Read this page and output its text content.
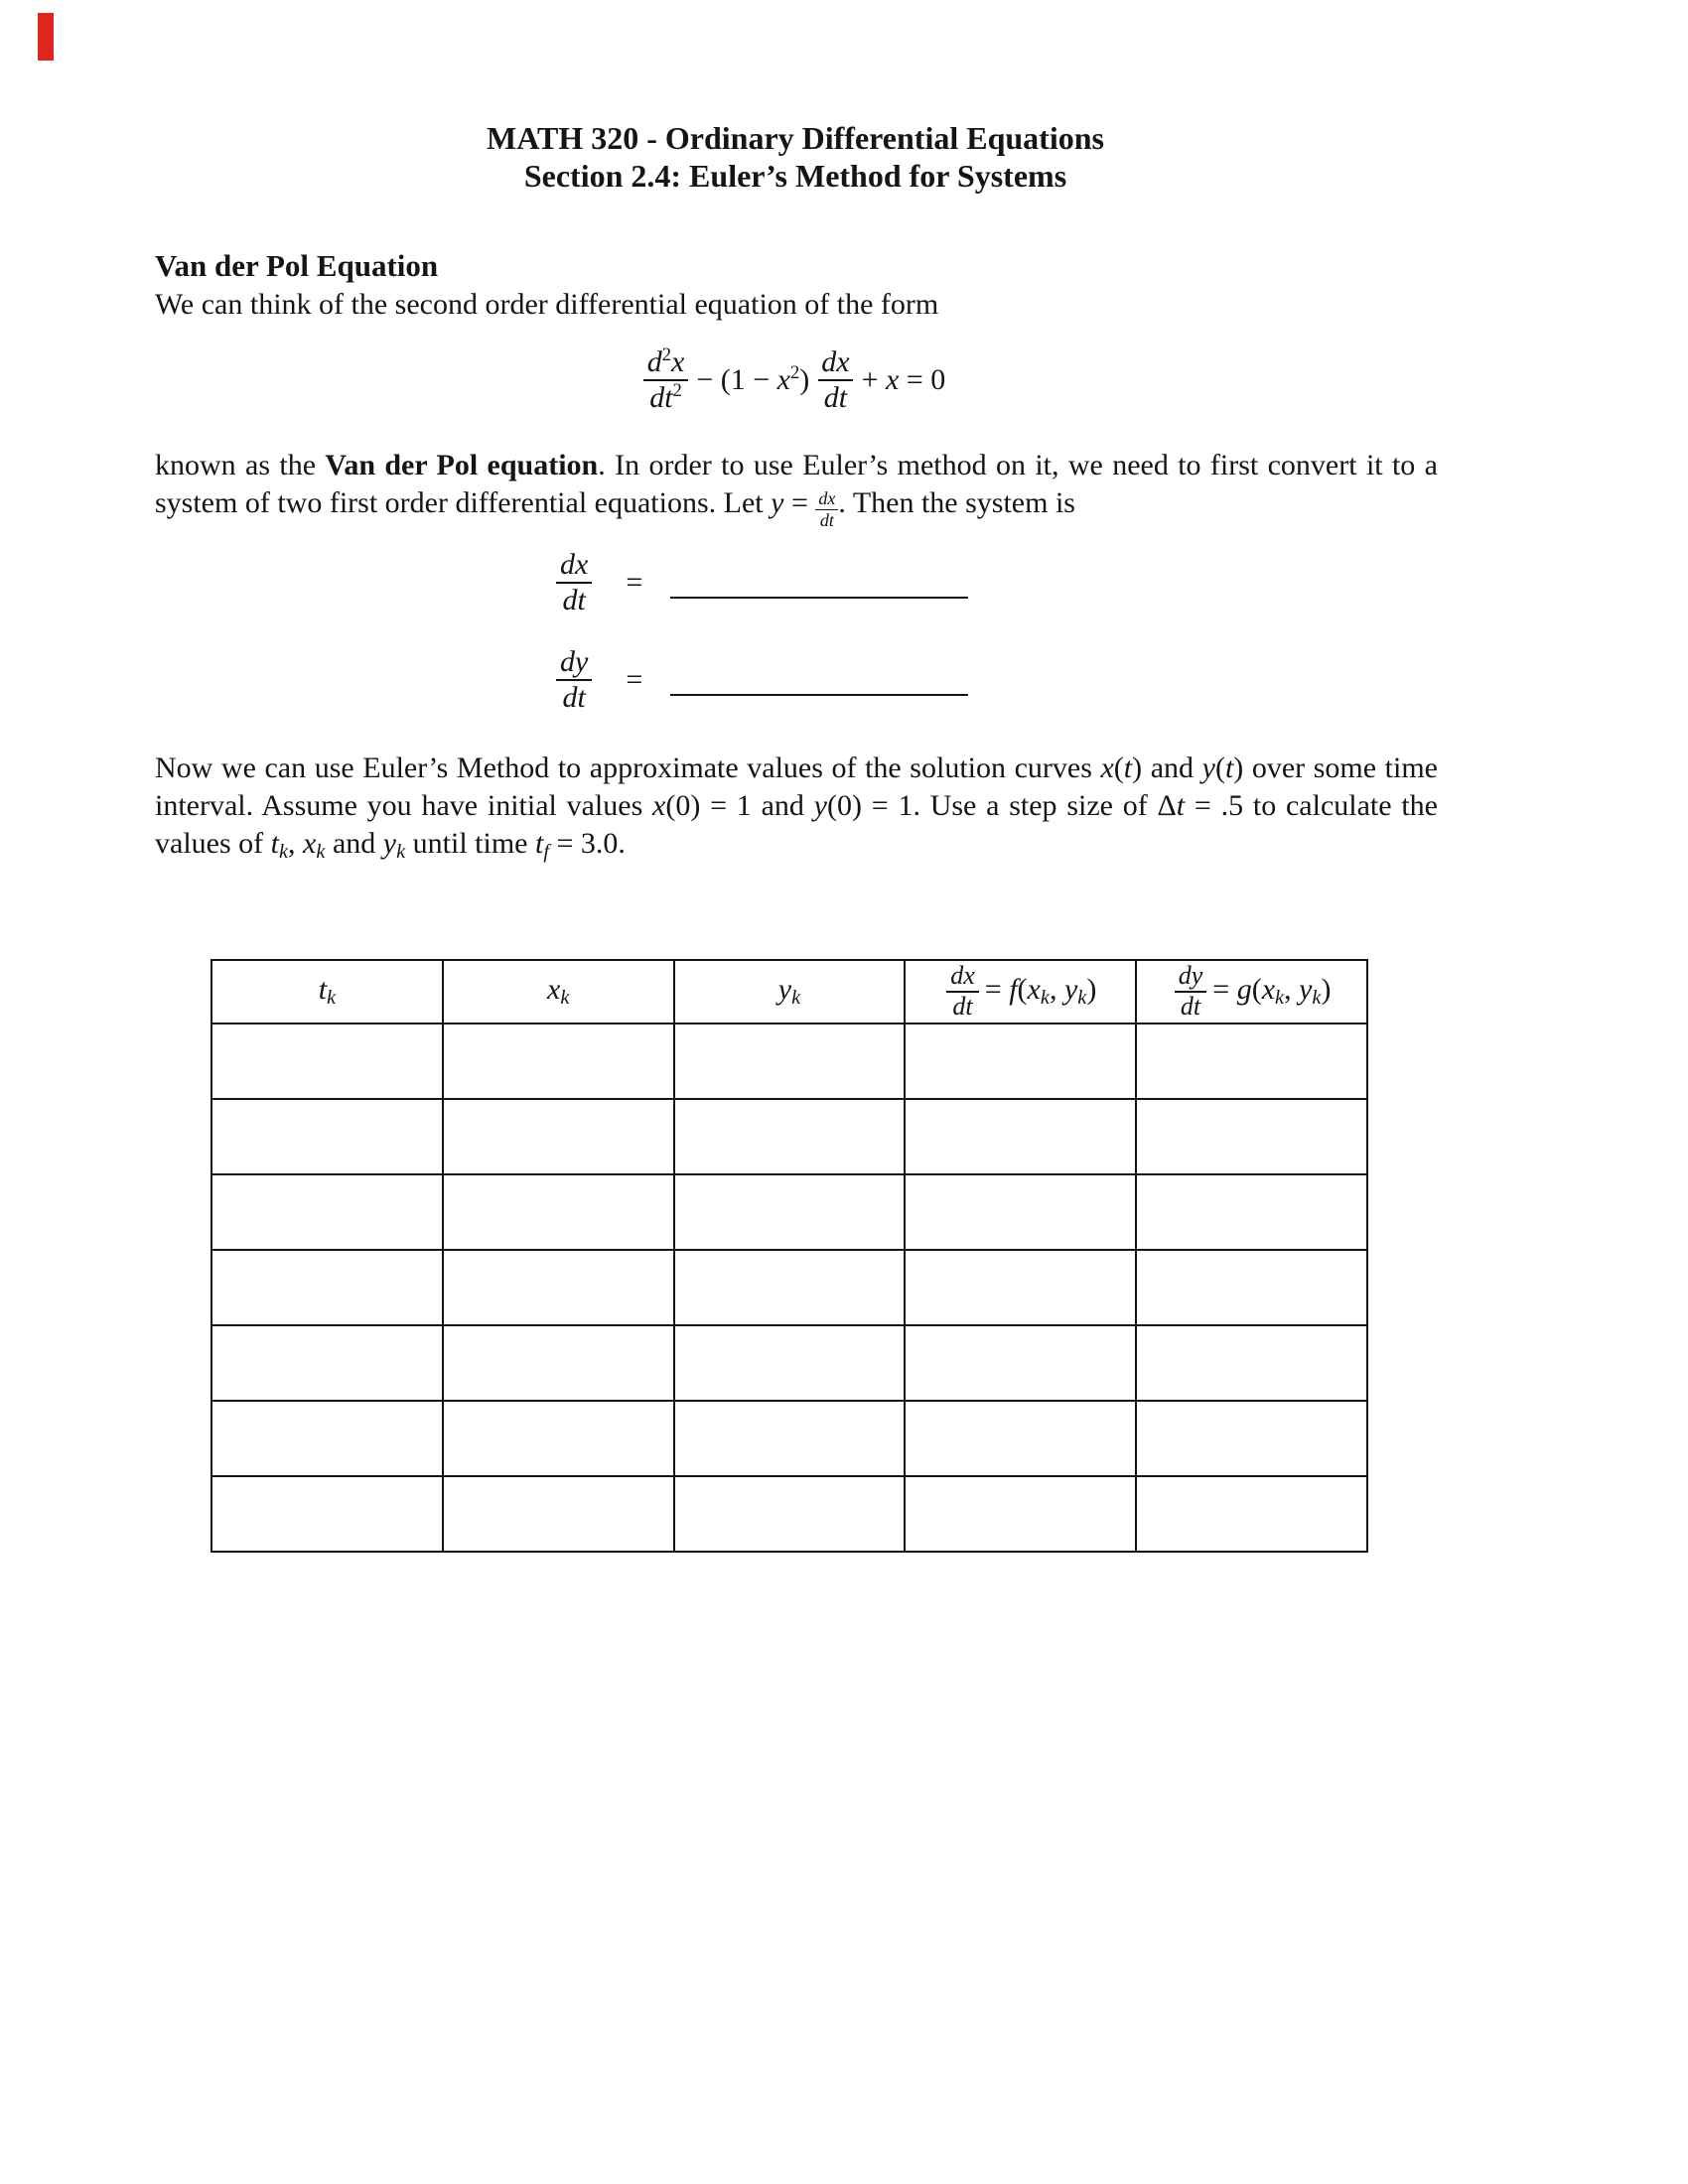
MATH 320 - Ordinary Differential Equations
Section 2.4: Euler’s Method for Systems
Van der Pol Equation
We can think of the second order differential equation of the form
$\frac{d^2x}{dt^2} - (1 - x^2) \frac{dx}{dt} + x = 0$
known as the Van der Pol equation. In order to use Euler’s method on it, we need to first convert it to a system of two first order differential equations. Let $y = \frac{dx}{dt}$ . Then the system is
$\frac{dx}{dt}$ =
$\frac{dy}{dt}$ =
Now we can use Euler’s Method to approximate values of the solution curves x(t) and y(t) over some time interval. Assume you have initial values x(0) = 1 and y(0) = 1. Use a step size of Δt = .5 to calculate the values of tk, xk and yk until time tf = 3.0.
tk	xk	yk	$\frac{dx}{dt} = f(xk$, yk)	$\frac{dy}{dt} = g(xk$, yk)
